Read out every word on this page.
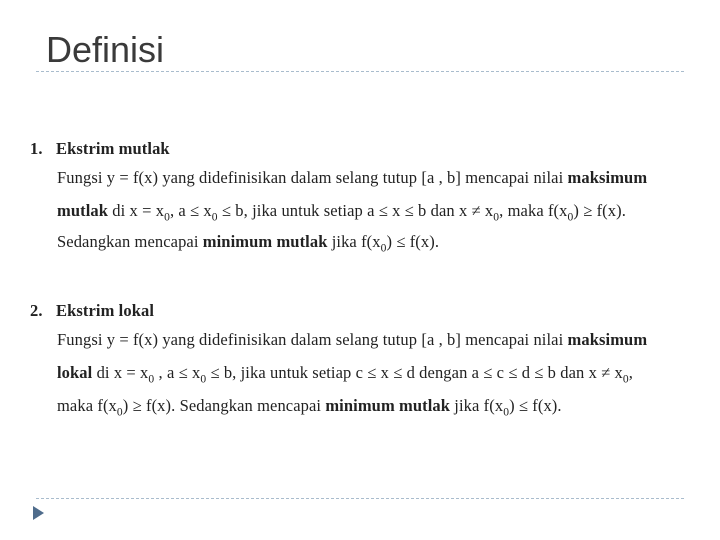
Definisi
1. Ekstrim mutlak
Fungsi y = f(x) yang didefinisikan dalam selang tutup [a , b] mencapai nilai maksimum
mutlak di $x = x_0$, $a \le x_0 \le b$, jika untuk setiap a ≤ x ≤ b dan $x \ne x_0$, maka $f(x_0) \ge f(x)$.
Sedangkan mencapai minimum mutlak jika $f(x_0) \le f(x)$.
2. Ekstrim lokal
Fungsi y = f(x) yang didefinisikan dalam selang tutup [a , b] mencapai nilai maksimum
lokal di $x = x_0$ , $a \le x_0 \le b$, jika untuk setiap c ≤ x ≤ d dengan a ≤ c ≤ d ≤ b dan $x \ne x_0$,
maka $f(x_0) \ge f(x)$. Sedangkan mencapai minimum mutlak jika $f(x_0) \le f(x)$.
